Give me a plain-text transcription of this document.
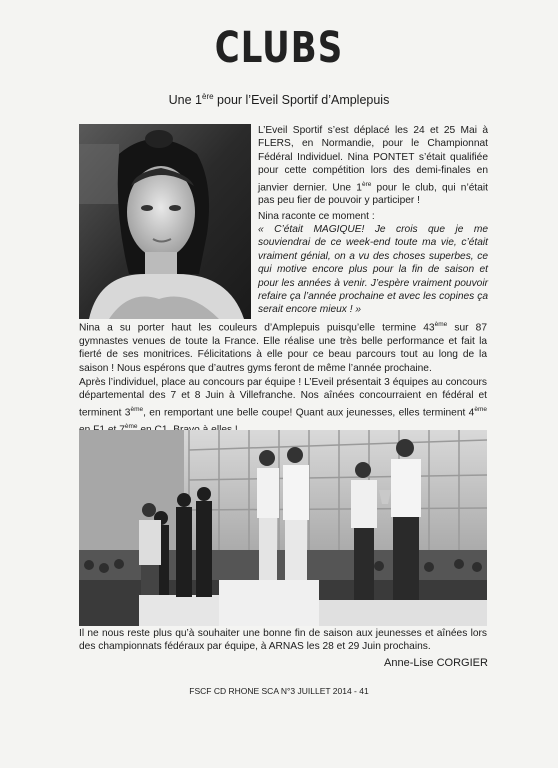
CLUBS
Une 1ère pour l’Eveil Sportif d’Amplepuis
L’Eveil Sportif s’est déplacé les 24 et 25 Mai à FLERS, en Normandie, pour le Championnat Fédéral Individuel. Nina PONTET s’était qualifiée pour cette compétition lors des demi-finales en janvier dernier. Une 1ère pour le club, qui n’était pas peu fier de pouvoir y participer !
Nina raconte ce moment :
« C’était MAGIQUE! Je crois que je me souviendrai de ce week-end toute ma vie, c’était vraiment génial, on a vu des choses superbes, ce qui motive encore plus pour la fin de saison et pour les années à venir. J’espère vraiment pouvoir refaire ça l’année prochaine et avec les copines ça serait encore mieux ! »
Nina a su porter haut les couleurs d’Amplepuis puisqu’elle termine 43ème sur 87 gymnastes venues de toute la France. Elle réalise une très belle performance et fait la fierté de ses monitrices. Félicitations à elle pour ce beau parcours tout au long de la saison ! Nous espérons que d’autres gyms feront de même l’année prochaine.
Après l’individuel, place au concours par équipe ! L’Eveil présentait 3 équipes au concours départemental des 7 et 8 Juin à Villefranche. Nos aînées concourraient en fédéral et terminent 3ème, en remportant une belle coupe! Quant aux jeunesses, elles terminent $4^{èmeème}$
Il ne nous reste plus qu’à souhaiter une bonne fin de saison aux jeunesses et aînées lors des championnats fédéraux par équipe, à ARNAS les 28 et 29 Juin prochains.
Anne-Lise CORGIER
FSCF CD RHONE SCA N°3 JUILLET 2014 - 41
